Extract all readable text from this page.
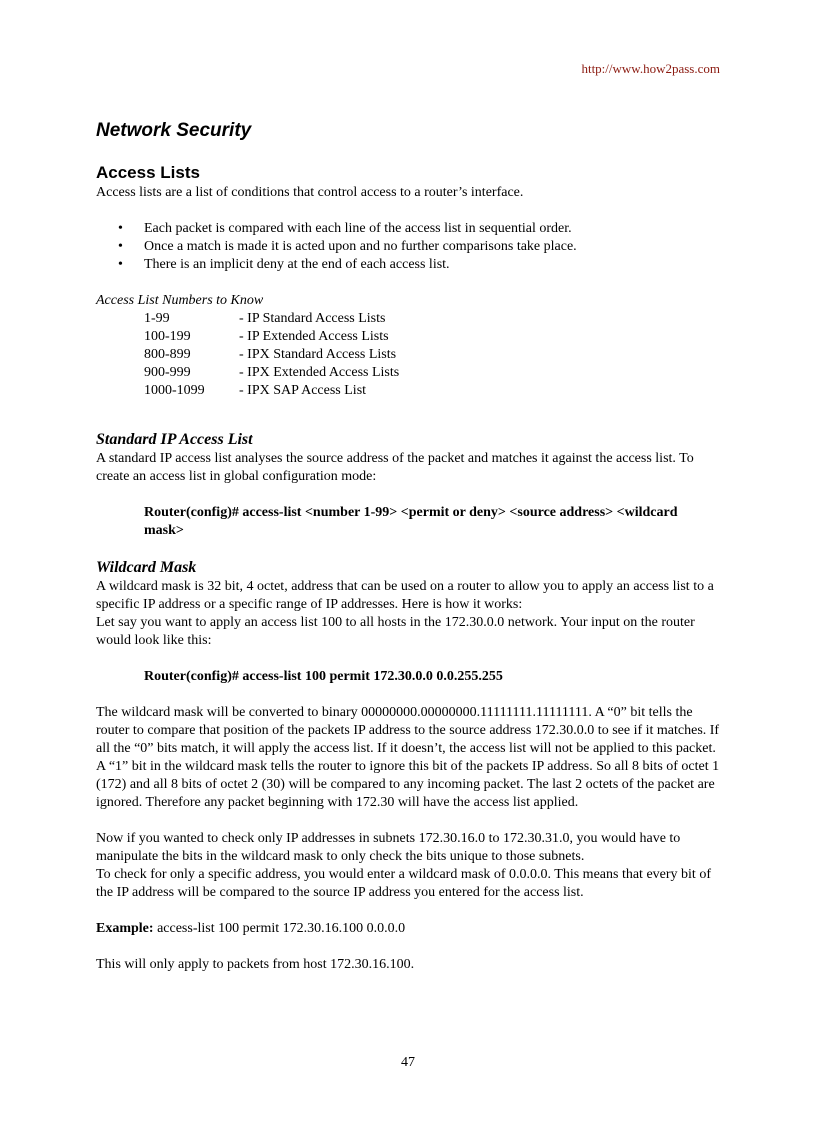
http://www.how2pass.com
Network Security
Access Lists

Access lists are a list of conditions that control access to a router’s interface.

• Each packet is compared with each line of the access list in sequential order.
• Once a match is made it is acted upon and no further comparisons take place.
• There is an implicit deny at the end of each access list.
Access List Numbers to Know
1-99	- IP Standard Access Lists
100-199	- IP Extended Access Lists
800-899	- IPX Standard Access Lists
900-999	- IPX Extended Access Lists
1000-1099	- IPX SAP Access List
Standard IP Access List

A standard IP access list analyses the source address of the packet and matches it against the access list. To create an access list in global configuration mode:

Router(config)# access-list <number 1-99> <permit or deny> <source address> <wildcard mask>

Wildcard Mask

A wildcard mask is 32 bit, 4 octet, address that can be used on a router to allow you to apply an access list to a specific IP address or a specific range of IP addresses. Here is how it works:

Let say you want to apply an access list 100 to all hosts in the 172.30.0.0 network. Your input on the router would look like this:

Router(config)# access-list 100 permit 172.30.0.0 0.0.255.255

The wildcard mask will be converted to binary 00000000.00000000.11111111.11111111. A “0” bit tells the router to compare that position of the packets IP address to the source address 172.30.0.0 to see if it matches. If all the “0” bits match, it will apply the access list. If it doesn’t, the access list will not be applied to this packet. A “1” bit in the wildcard mask tells the router to ignore this bit of the packets IP address. So all 8 bits of octet 1 (172) and all 8 bits of octet 2 (30) will be compared to any incoming packet. The last 2 octets of the packet are ignored. Therefore any packet beginning with 172.30 will have the access list applied.

Now if you wanted to check only IP addresses in subnets 172.30.16.0 to 172.30.31.0, you would have to manipulate the bits in the wildcard mask to only check the bits unique to those subnets.

To check for only a specific address, you would enter a wildcard mask of 0.0.0.0. This means that every bit of the IP address will be compared to the source IP address you entered for the access list.

Example: access-list 100 permit 172.30.16.100 0.0.0.0

This will only apply to packets from host 172.30.16.100.

47
